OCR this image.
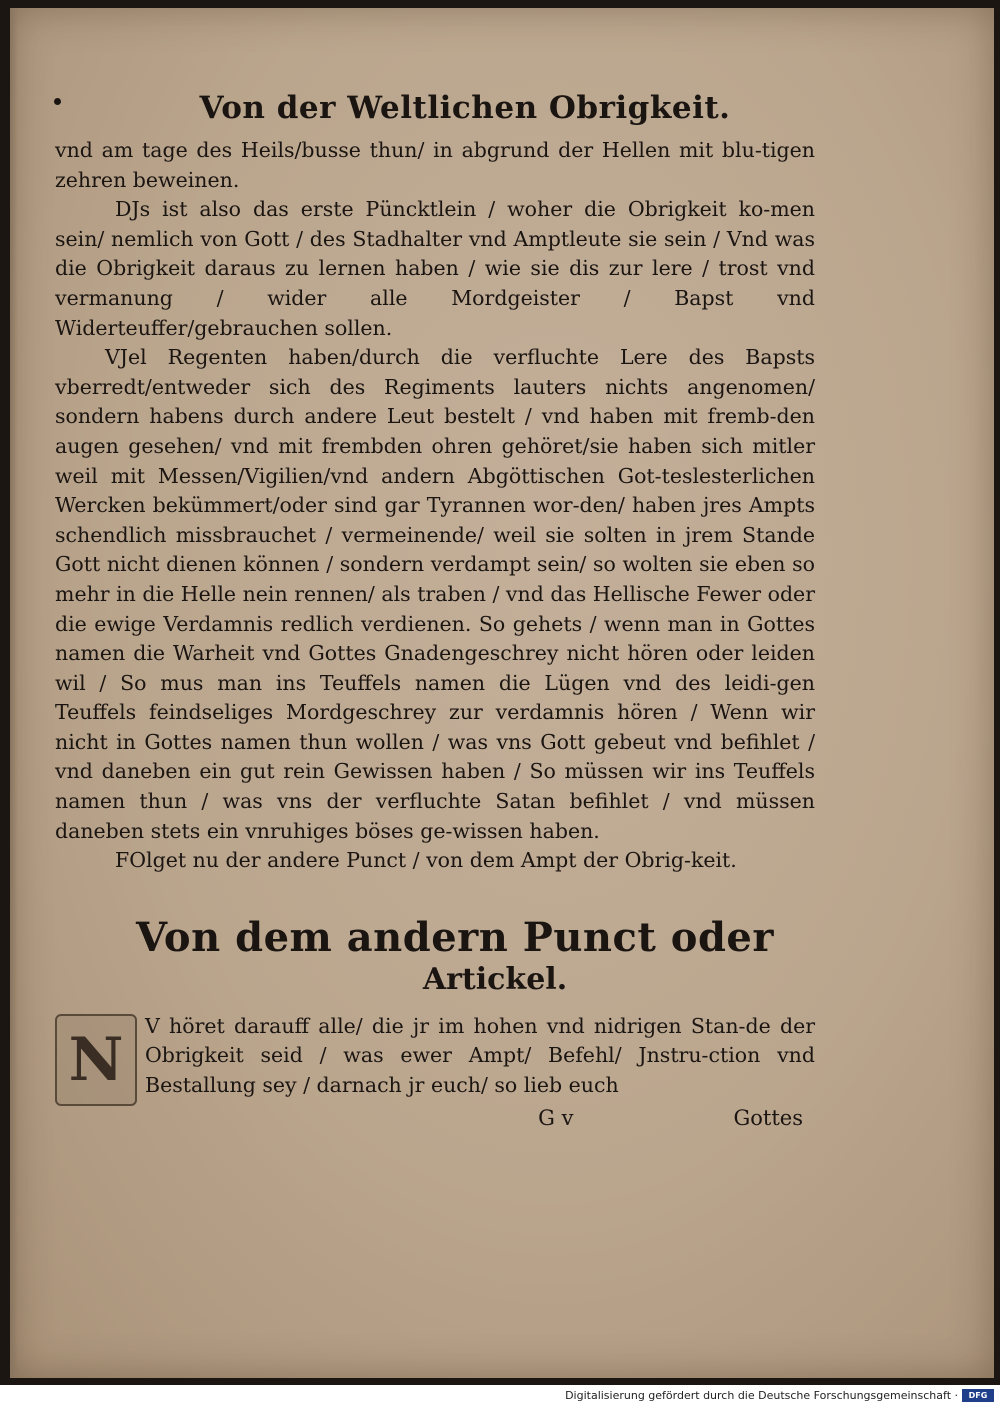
Von der Weltlichen Obrigkeit.

vnd am tage des Heils/busse thun/ in abgrund der Hellen mit blu-tigen zehren beweinen.

DJs ist also das erste Püncktlein / woher die Obrigkeit ko-men sein/ nemlich von Gott / des Stadhalter vnd Amptleute sie sein / Vnd was die Obrigkeit daraus zu lernen haben / wie sie dis zur lere / trost vnd vermanung / wider alle Mordgeister / Bapst vnd Widerteuffer/gebrauchen sollen.

VJel Regenten haben/durch die verfluchte Lere des Bapsts vberredt/entweder sich des Regiments lauters nichts angenomen/ sondern habens durch andere Leut bestelt / vnd haben mit fremb-den augen gesehen/ vnd mit frembden ohren gehöret/sie haben sich mitler weil mit Messen/Vigilien/vnd andern Abgöttischen Got-teslesterlichen Wercken bekümmert/oder sind gar Tyrannen wor-den/ haben jres Ampts schendlich missbrauchet / vermeinende/ weil sie solten in jrem Stande Gott nicht dienen können / sondern verdampt sein/ so wolten sie eben so mehr in die Helle nein rennen/ als traben / vnd das Hellische Fewer oder die ewige Verdamnis redlich verdienen. So gehets / wenn man in Gottes namen die Warheit vnd Gottes Gnadengeschrey nicht hören oder leiden wil / So mus man ins Teuffels namen die Lügen vnd des leidi-gen Teuffels feindseliges Mordgeschrey zur verdamnis hören / Wenn wir nicht in Gottes namen thun wollen / was vns Gott gebeut vnd befihlet / vnd daneben ein gut rein Gewissen haben / So müssen wir ins Teuffels namen thun / was vns der verfluchte Satan befihlet / vnd müssen daneben stets ein vnruhiges böses ge-wissen haben.

FOlget nu der andere Punct / von dem Ampt der Obrig-keit.

Von dem andern Punct oder
Artickel.
N	V höret darauff alle/ die jr im hohen vnd nidrigen Stan-de der Obrigkeit seid / was ewer Ampt/ Befehl/ Jnstru-ction vnd Bestallung sey / darnach jr euch/ so lieb euch

G v	Gottes
Digitalisierung gefördert durch die Deutsche Forschungsgemeinschaft ·	DFG
